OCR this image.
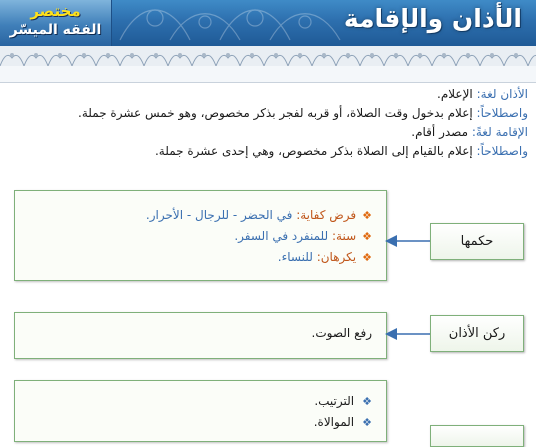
الأذان والإقامة
مختصر
الفقه الميسّر
الأذان لغة: الإعلام.
واصطلاحاً: إعلام بدخول وقت الصلاة، أو قربه لفجر بذكر مخصوص، وهو خمس عشرة جملة.
الإقامة لغةً: مصدر أقام.
واصطلاحاً: إعلام بالقيام إلى الصلاة بذكر مخصوص، وهي إحدى عشرة جملة.
❖فرض كفاية: في الحضر - للرجال - الأحرار.
❖سنة: للمنفرد في السفر.
❖يكرهان: للنساء.
حكمها
رفع الصوت.	ركن الأذان
❖الترتيب.
❖الموالاة.
